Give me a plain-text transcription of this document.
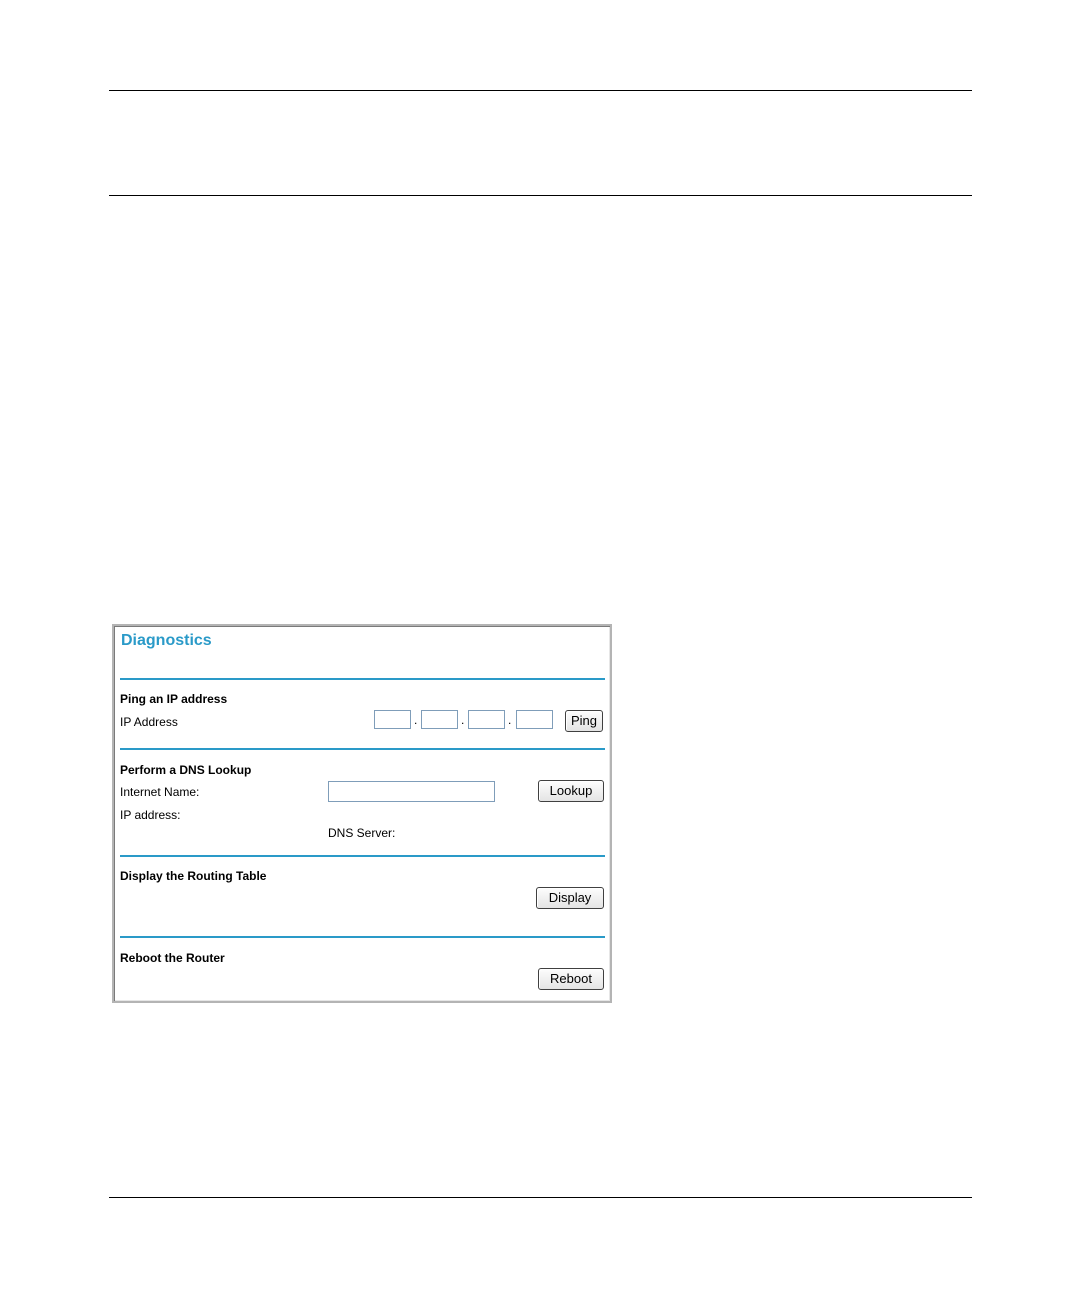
Diagnostics
Ping an IP address
IP Address	.	.	.	Ping
Perform a DNS Lookup
Internet Name:	Lookup
IP address:
DNS Server:
Display the Routing Table
Display
Reboot the Router
Reboot
